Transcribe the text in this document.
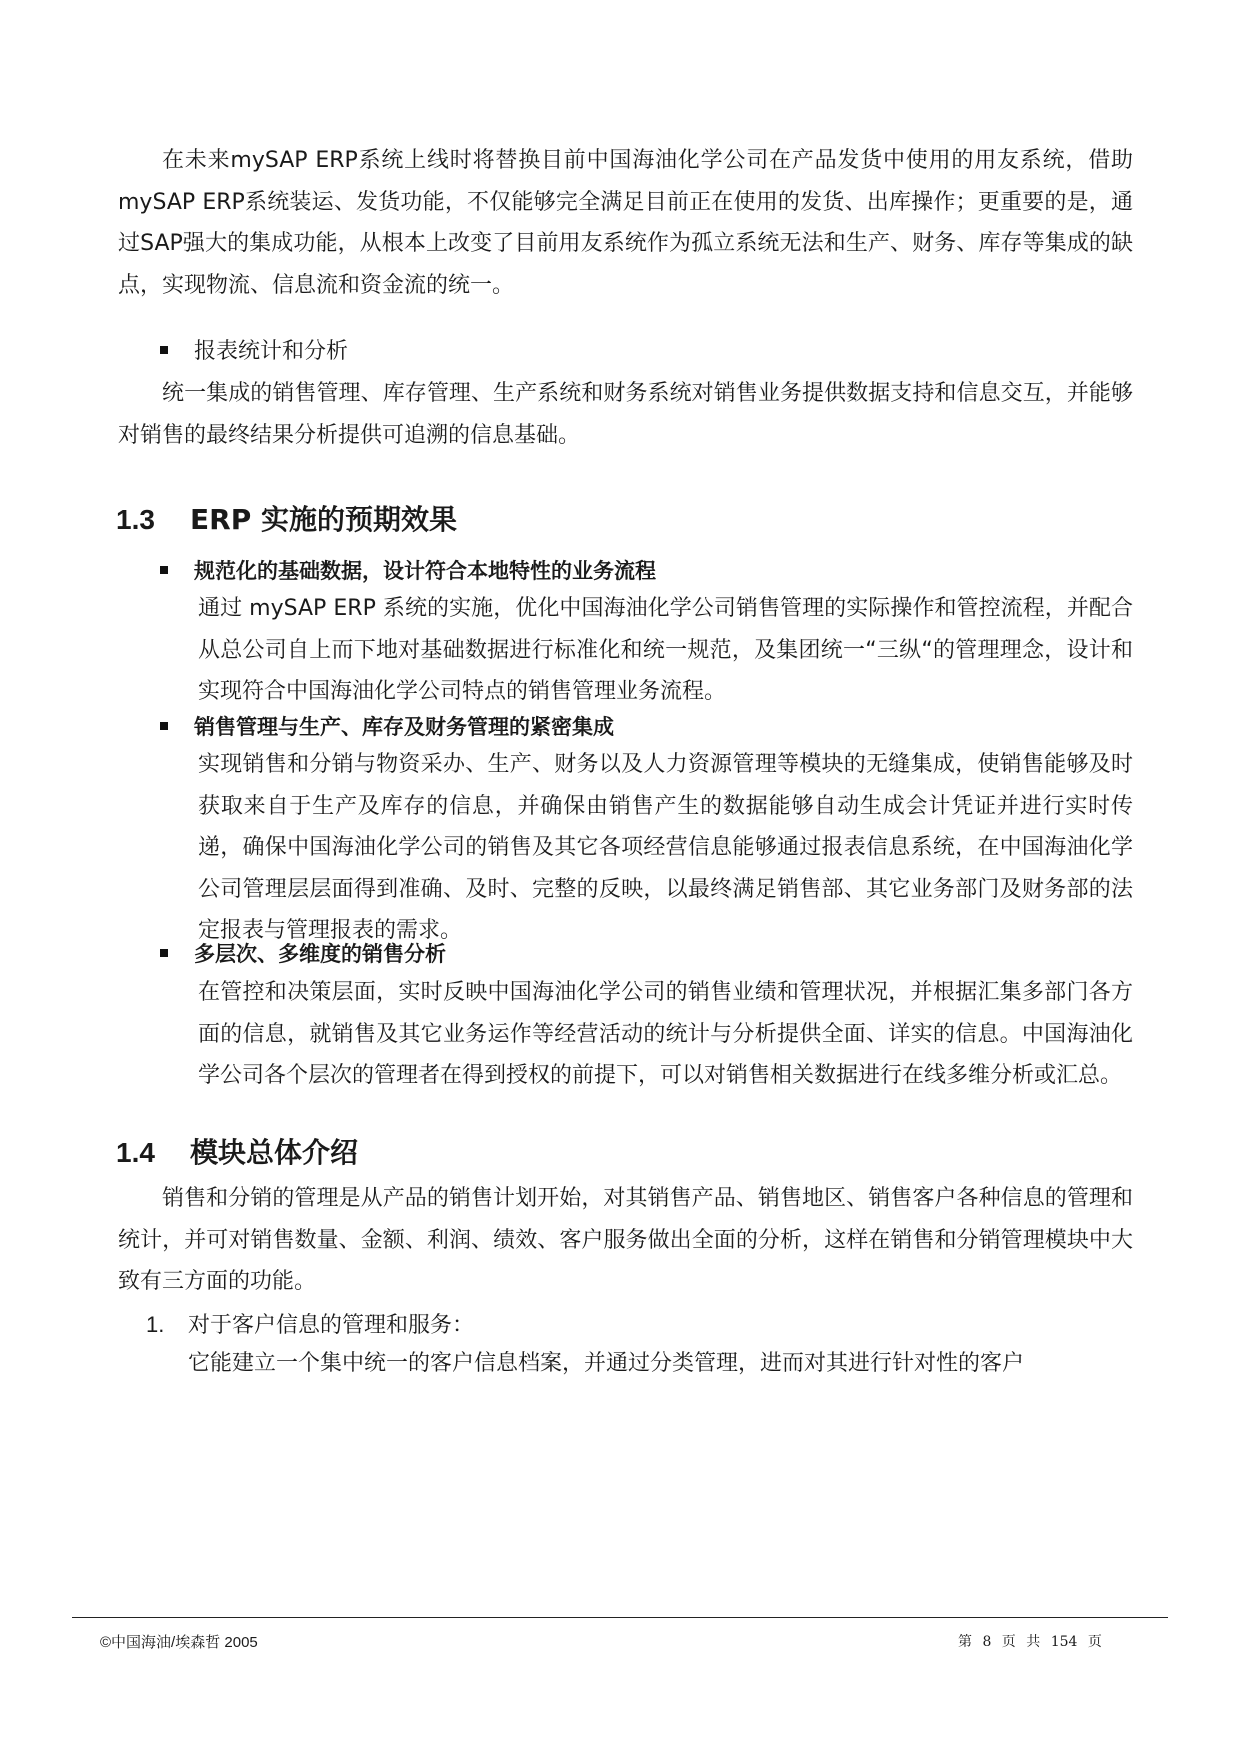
在未来mySAP ERP系统上线时将替换目前中国海油化学公司在产品发货中使用的用友系统，借助mySAP ERP系统装运、发货功能，不仅能够完全满足目前正在使用的发货、出库操作；更重要的是，通过SAP强大的集成功能，从根本上改变了目前用友系统作为孤立系统无法和生产、财务、库存等集成的缺点，实现物流、信息流和资金流的统一。
报表统计和分析
统一集成的销售管理、库存管理、生产系统和财务系统对销售业务提供数据支持和信息交互，并能够对销售的最终结果分析提供可追溯的信息基础。
1.3 ERP 实施的预期效果
规范化的基础数据，设计符合本地特性的业务流程
通过 mySAP ERP 系统的实施，优化中国海油化学公司销售管理的实际操作和管控流程，并配合从总公司自上而下地对基础数据进行标准化和统一规范，及集团统一“三纵“的管理理念，设计和实现符合中国海油化学公司特点的销售管理业务流程。
销售管理与生产、库存及财务管理的紧密集成
实现销售和分销与物资采办、生产、财务以及人力资源管理等模块的无缝集成，使销售能够及时获取来自于生产及库存的信息，并确保由销售产生的数据能够自动生成会计凭证并进行实时传递，确保中国海油化学公司的销售及其它各项经营信息能够通过报表信息系统，在中国海油化学公司管理层层面得到准确、及时、完整的反映，以最终满足销售部、其它业务部门及财务部的法定报表与管理报表的需求。
多层次、多维度的销售分析
在管控和决策层面，实时反映中国海油化学公司的销售业绩和管理状况，并根据汇集多部门各方面的信息，就销售及其它业务运作等经营活动的统计与分析提供全面、详实的信息。中国海油化学公司各个层次的管理者在得到授权的前提下，可以对销售相关数据进行在线多维分析或汇总。
1.4 模块总体介绍
销售和分销的管理是从产品的销售计划开始，对其销售产品、销售地区、销售客户各种信息的管理和统计，并可对销售数量、金额、利润、绩效、客户服务做出全面的分析，这样在销售和分销管理模块中大致有三方面的功能。
1. 对于客户信息的管理和服务：
它能建立一个集中统一的客户信息档案，并通过分类管理，进而对其进行针对性的客户
©中国海油/埃森哲 2005	第 8 页 共 154 页
